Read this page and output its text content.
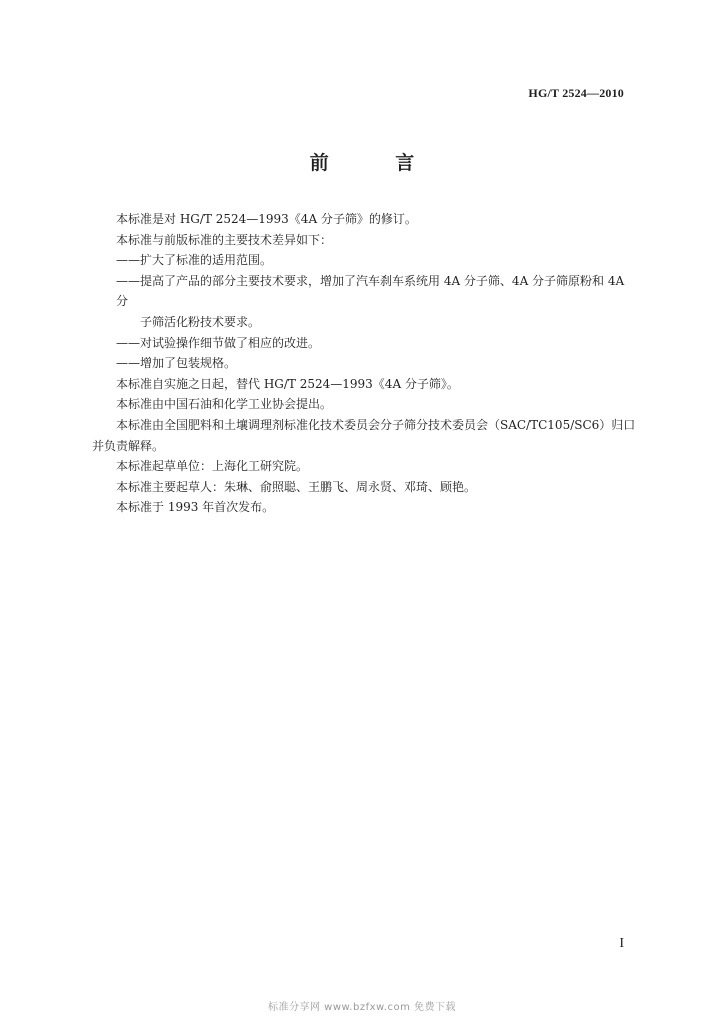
HG/T 2524—2010
前 言

本标准是对 HG/T 2524—1993《4A 分子筛》的修订。

本标准与前版标准的主要技术差异如下：

——扩大了标准的适用范围。

——提高了产品的部分主要技术要求，增加了汽车刹车系统用 4A 分子筛、4A 分子筛原粉和 4A 分
子筛活化粉技术要求。

——对试验操作细节做了相应的改进。

——增加了包装规格。

本标准自实施之日起，替代 HG/T 2524—1993《4A 分子筛》。

本标准由中国石油和化学工业协会提出。

本标准由全国肥料和土壤调理剂标准化技术委员会分子筛分技术委员会（SAC/TC105/SC6）归口

并负责解释。

本标准起草单位：上海化工研究院。

本标准主要起草人：朱琳、俞照聪、王鹏飞、周永贤、邓琦、顾艳。

本标准于 1993 年首次发布。

I
标准分享网 www.bzfxw.com 免费下载
